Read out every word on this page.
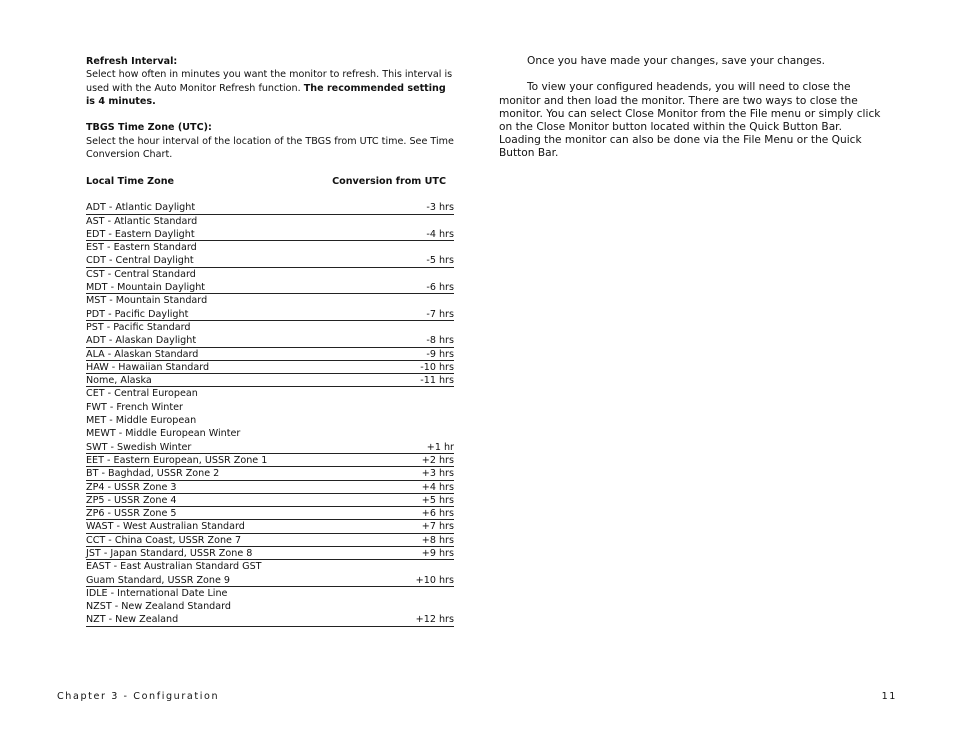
Refresh Interval:

Select how often in minutes you want the monitor to refresh. This interval is used with the Auto Monitor Refresh function. The recommended setting is 4 minutes.

TBGS Time Zone (UTC):

Select the hour interval of the location of the TBGS from UTC time. See Time Conversion Chart.

Local Time Zone	Conversion from UTC
ADT - Atlantic Daylight	-3 hrs
AST - Atlantic Standard
EDT - Eastern Daylight	-4 hrs
EST - Eastern Standard
CDT - Central Daylight	-5 hrs
CST - Central Standard
MDT - Mountain Daylight	-6 hrs
MST - Mountain Standard
PDT - Pacific Daylight	-7 hrs
PST - Pacific Standard
ADT - Alaskan Daylight	-8 hrs
ALA - Alaskan Standard	-9 hrs
HAW - Hawaiian Standard	-10 hrs
Nome, Alaska	-11 hrs
CET - Central European
FWT - French Winter
MET - Middle European
MEWT - Middle European Winter
SWT - Swedish Winter	+1 hr
EET - Eastern European, USSR Zone 1	+2 hrs
BT - Baghdad, USSR Zone 2	+3 hrs
ZP4 - USSR Zone 3	+4 hrs
ZP5 - USSR Zone 4	+5 hrs
ZP6 - USSR Zone 5	+6 hrs
WAST - West Australian Standard	+7 hrs
CCT - China Coast, USSR Zone 7	+8 hrs
JST - Japan Standard, USSR Zone 8	+9 hrs
EAST - East Australian Standard GST
Guam Standard, USSR Zone 9	+10 hrs
IDLE - International Date Line
NZST - New Zealand Standard
NZT - New Zealand	+12 hrs

Once you have made your changes, save your changes.

To view your configured headends, you will need to close the monitor and then load the monitor. There are two ways to close the monitor. You can select Close Monitor from the File menu or simply click on the Close Monitor button located within the Quick Button Bar. Loading the monitor can also be done via the File Menu or the Quick Button Bar.

Chapter 3 - Configuration	11
